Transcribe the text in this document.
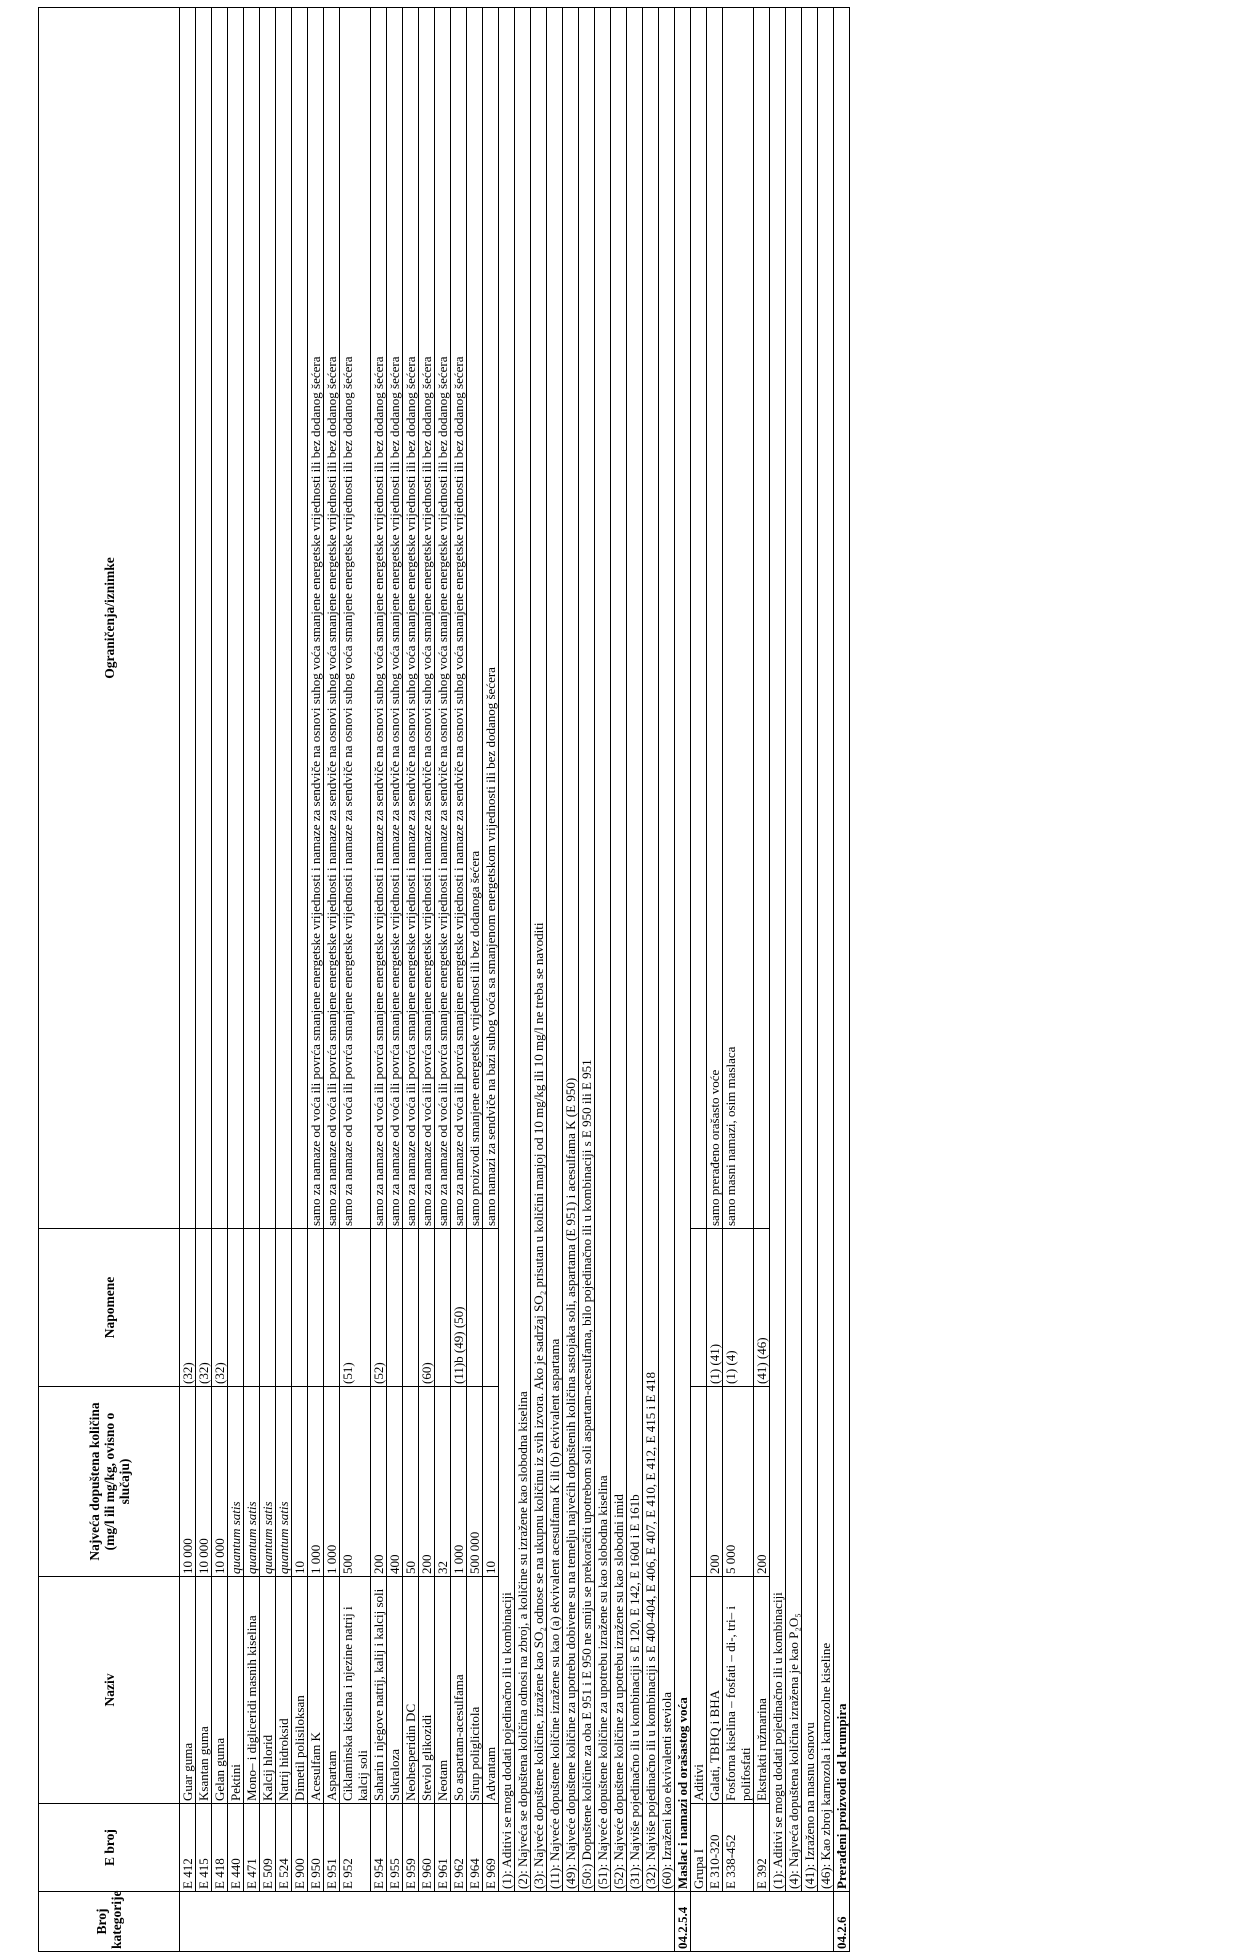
Broj kategorije	E broj	Naziv	Najveća dopuštena količina (mg/l ili mg/kg, ovisno o slučaju)	Napomene	Ograničenja/iznimke
	E 412	Guar guma	10 000	(32)	
	E 415	Ksantan guma	10 000	(32)	
	E 418	Gelan guma	10 000	(32)	
	E 440	Pektini	quantum satis		
	E 471	Mono– i digliceridi masnih kiselina	quantum satis		
	E 509	Kalcij hlorid	quantum satis		
	E 524	Natrij hidroksid	quantum satis		
	E 900	Dimetil polisiloksan	10		
	E 950	Acesulfam K	1 000		samo za namaze od voća ili povrća smanjene energetske vrijednosti i namaze za sendviče na osnovi suhog voća smanjene energetske vrijednosti ili bez dodanog šećera
	E 951	Aspartam	1 000		samo za namaze od voća ili povrća smanjene energetske vrijednosti i namaze za sendviče na osnovi suhog voća smanjene energetske vrijednosti ili bez dodanog šećera
	E 952	Ciklaminska kiselina i njezine natrij i kalcij soli	500	(51)	samo za namaze od voća ili povrća smanjene energetske vrijednosti i namaze za sendviče na osnovi suhog voća smanjene energetske vrijednosti ili bez dodanog šećera
	E 954	Saharin i njegove natrij, kalij i kalcij soli	200	(52)	samo za namaze od voća ili povrća smanjene energetske vrijednosti i namaze za sendviče na osnovi suhog voća smanjene energetske vrijednosti ili bez dodanog šećera
	E 955	Sukraloza	400		samo za namaze od voća ili povrća smanjene energetske vrijednosti i namaze za sendviče na osnovi suhog voća smanjene energetske vrijednosti ili bez dodanog šećera
	E 959	Neohesperidin DC	50		samo za namaze od voća ili povrća smanjene energetske vrijednosti i namaze za sendviče na osnovi suhog voća smanjene energetske vrijednosti ili bez dodanog šećera
	E 960	Steviol glikozidi	200	(60)	samo za namaze od voća ili povrća smanjene energetske vrijednosti i namaze za sendviče na osnovi suhog voća smanjene energetske vrijednosti ili bez dodanog šećera
	E 961	Neotam	32		samo za namaze od voća ili povrća smanjene energetske vrijednosti i namaze za sendviče na osnovi suhog voća smanjene energetske vrijednosti ili bez dodanog šećera
	E 962	So aspartam-acesulfama	1 000	(11)b (49) (50)	samo za namaze od voća ili povrća smanjene energetske vrijednosti i namaze za sendviče na osnovi suhog voća smanjene energetske vrijednosti ili bez dodanog šećera
	E 964	Sirup poliglicitola	500 000		samo proizvodi smanjene energetske vrijednosti ili bez dodanoga šećera
	E 969	Advantam	10		samo namazi za sendviče na bazi suhog voća sa smanjenom energetskom vrijednosti ili bez dodanog šećera
	(1): Aditivi se mogu dodati pojedinačno ili u kombinaciji				
	(2): Najveća se dopuštena količina odnosi na zbroj, a količine su izražene kao slobodna kiselina				
	(3): Najveće dopuštene količine, izražene kao SO₂ odnose se na ukupnu količinu iz svih izvora. Ako je sadržaj SO₂ prisutan u količini manjoj od 10 mg/kg ili 10 mg/l ne treba se navoditi				
	(11): Najveće dopuštene količine izražene su kao (a) ekvivalent acesulfama K ili (b) ekvivalent aspartama				
	(49): Najveće dopuštene količine za upotrebu dobivene su na temelju najvećih dopuštenih količina sastojaka soli, aspartama (E 951) i acesulfama K (E 950)				
	(50:) Dopuštene količine za oba E 951 i E 950 ne smiju se prekoračiti upotrebom soli aspartam-acesulfama, bilo pojedinačno ili u kombinaciji s E 950 ili E 951				
	(51): Najveće dopuštene količine za upotrebu izražene su kao slobodna kiselina				
	(52): Najveće dopuštene količine za upotrebu izražene su kao slobodni imid				
	(31): Najviše pojedinačno ili u kombinaciji s E 120, E 142, E 160d i E 161b				
	(32): Najviše pojedinačno ili u kombinaciji s E 400-404, E 406, E 407, E 410, E 412, E 415 i E 418				
	(60): Izraženi kao ekvivalenti steviola				
04.2.5.4	Maslac i namazi od orašastog voća				
	Grupa I	Aditivi			
	E 310-320	Galati, TBHQ i BHA	200	(1) (41)	samo prerađeno orašasto voće
	E 338-452	Fosforna kiselina – fosfati – di-, tri– i polifosfati	5 000	(1) (4)	samo masni namazi, osim maslaca
	E 392	Ekstrakti ružmarina	200	(41) (46)	
	(1): Aditivi se mogu dodati pojedinačno ili u kombinaciji				
	(4): Najveća dopuštena količina izražena je kao P₂O₅				
	(41): Izraženo na masnu osnovu				
	(46): Kao zbroj karnozola i karnozolne kiseline				
04.2.6	Prerađeni proizvodi od krumpira				
